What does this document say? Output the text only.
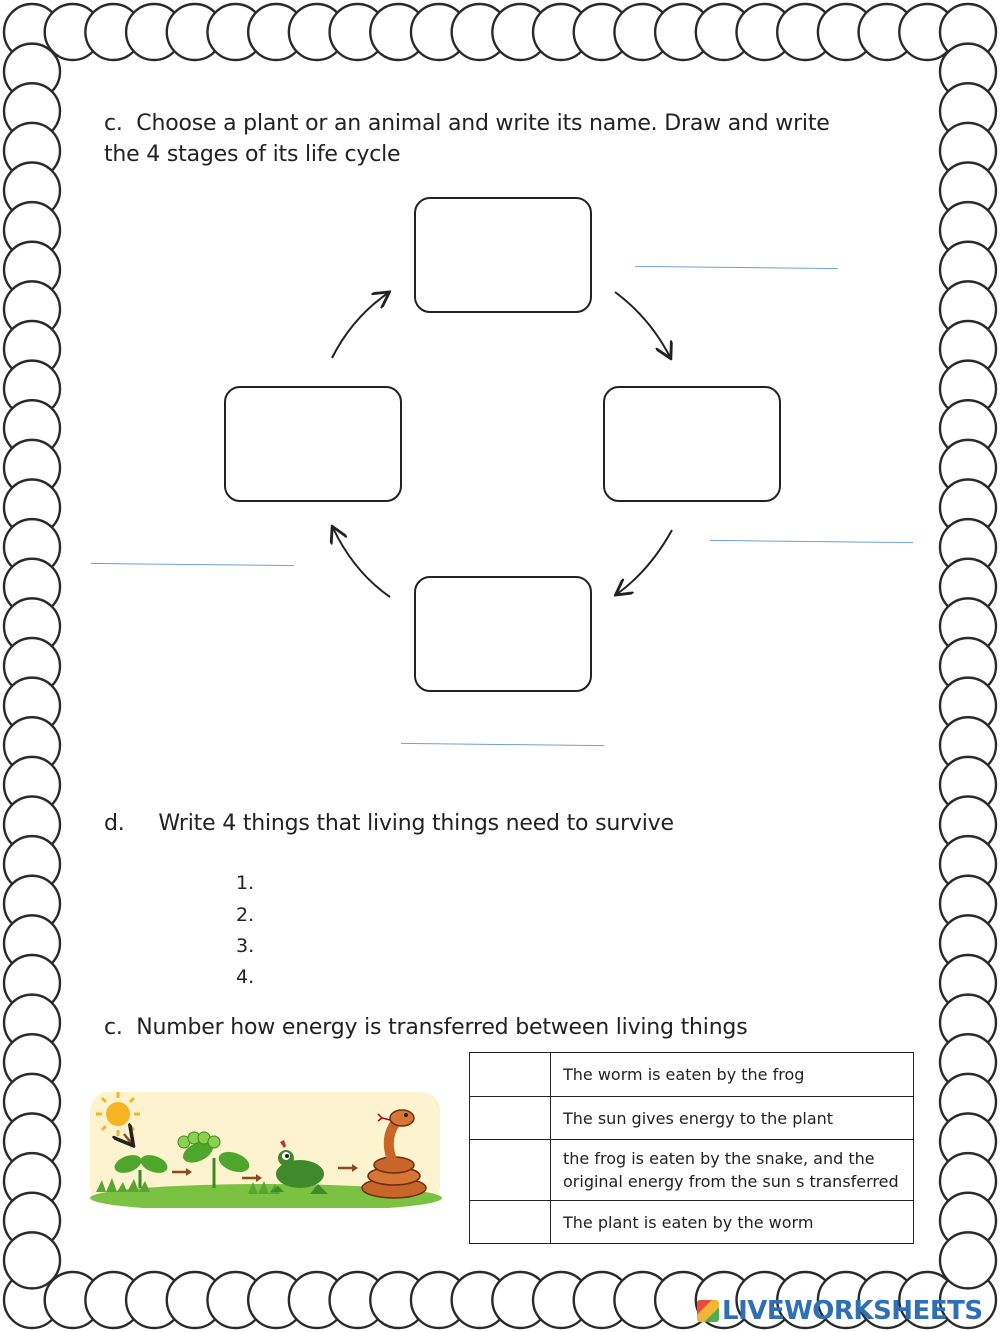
c. Choose a plant or an animal and write its name. Draw and write
the 4 stages of its life cycle
d. Write 4 things that living things need to survive
1.
2.
3.
4.
c. Number how energy is transferred between living things
	The worm is eaten by the frog
	The sun gives energy to the plant
	the frog is eaten by the snake, and the
original energy from the sun s transferred
	The plant is eaten by the worm
LIVEWORKSHEETS
